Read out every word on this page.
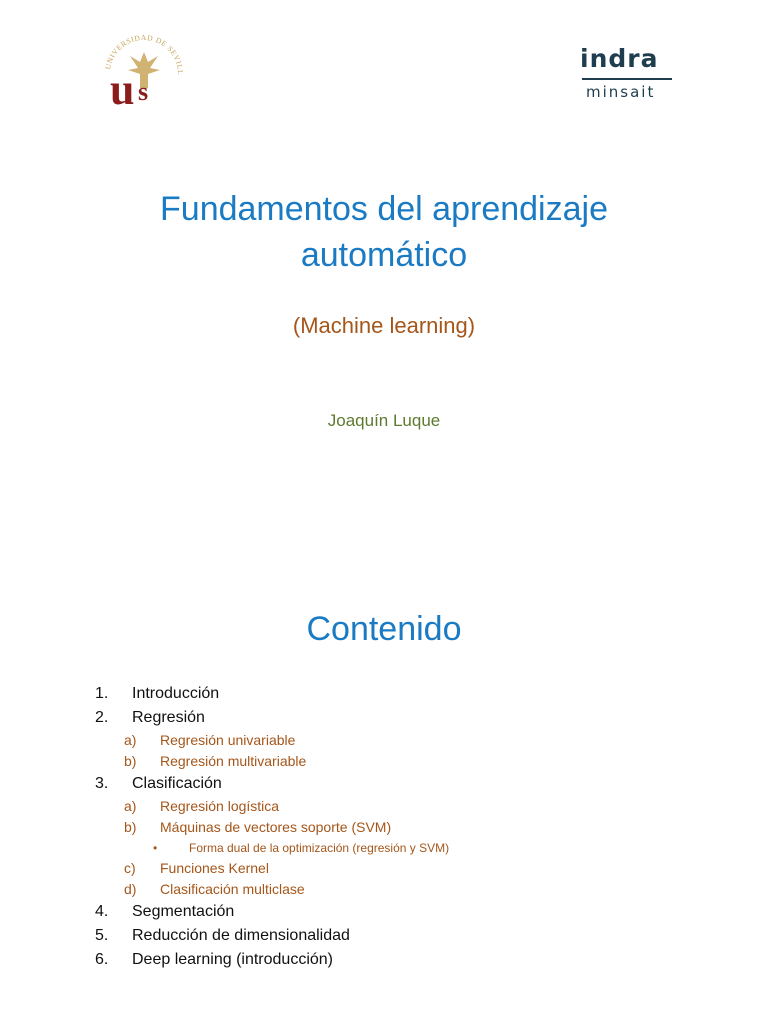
UNIVERSIDAD DE SEVILL
u s
indra
minsait
Fundamentos del aprendizaje
automático
(Machine learning)
Joaquín Luque
Contenido
1. Introducción
2. Regresión
a) Regresión univariable
b) Regresión multivariable
3. Clasificación
a) Regresión logística
b) Máquinas de vectores soporte (SVM)
•	Forma dual de la optimización (regresión y SVM)
c) Funciones Kernel
d) Clasificación multiclase
4. Segmentación
5. Reducción de dimensionalidad
6. Deep learning (introducción)
